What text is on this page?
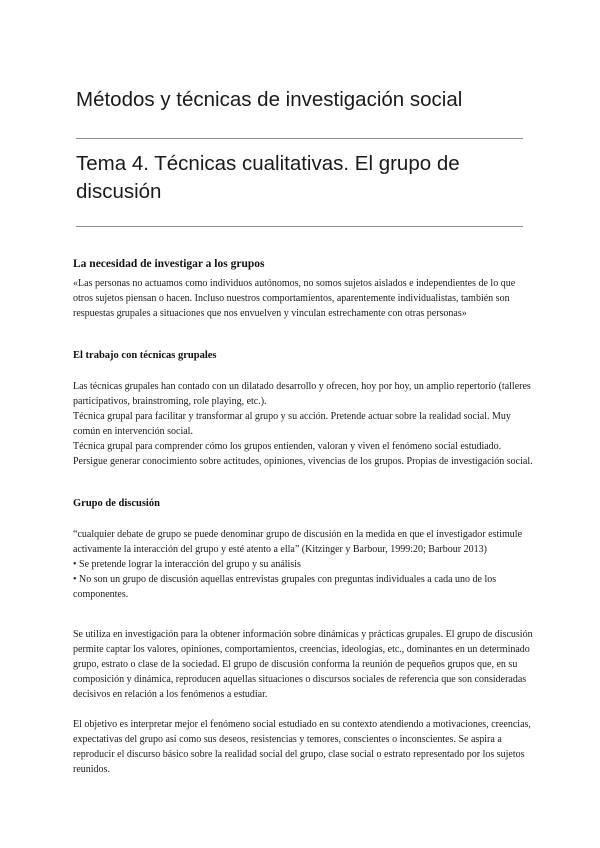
Métodos y técnicas de investigación social
Tema 4. Técnicas cualitativas. El grupo de discusión
La necesidad de investigar a los grupos

«Las personas no actuamos como individuos autónomos, no somos sujetos aislados e independientes de lo que otros sujetos piensan o hacen. Incluso nuestros comportamientos, aparentemente individualistas, también son respuestas grupales a situaciones que nos envuelven y vinculan estrechamente con otras personas»

El trabajo con técnicas grupales

Las técnicas grupales han contado con un dilatado desarrollo y ofrecen, hoy por hoy, un amplio repertorio (talleres participativos, brainstroming, role playing, etc.).

Técnica grupal para facilitar y transformar al grupo y su acción. Pretende actuar sobre la realidad social. Muy común en intervención social.

Técnica grupal para comprender cómo los grupos entienden, valoran y viven el fenómeno social estudiado. Persigue generar conocimiento sobre actitudes, opiniones, vivencias de los grupos. Propias de investigación social.

Grupo de discusión

“cualquier debate de grupo se puede denominar grupo de discusión en la medida en que el investigador estimule activamente la interacción del grupo y esté atento a ella” (Kitzinger y Barbour, 1999:20; Barbour 2013)

• Se pretende lograr la interacción del grupo y su análisis

• No son un grupo de discusión aquellas entrevistas grupales con preguntas individuales a cada uno de los componentes.

Se utiliza en investigación para la obtener información sobre dinámicas y prácticas grupales. El grupo de discusión permite captar los valores, opiniones, comportamientos, creencias, ideologías, etc., dominantes en un determinado grupo, estrato o clase de la sociedad. El grupo de discusión conforma la reunión de pequeños grupos que, en su composición y dinámica, reproducen aquellas situaciones o discursos sociales de referencia que son consideradas decisivos en relación a los fenómenos a estudiar.

El objetivo es interpretar mejor el fenómeno social estudiado en su contexto atendiendo a motivaciones, creencias, expectativas del grupo así como sus deseos, resistencias y temores, conscientes o inconscientes. Se aspira a reproducir el discurso básico sobre la realidad social del grupo, clase social o estrato representado por los sujetos reunidos.
